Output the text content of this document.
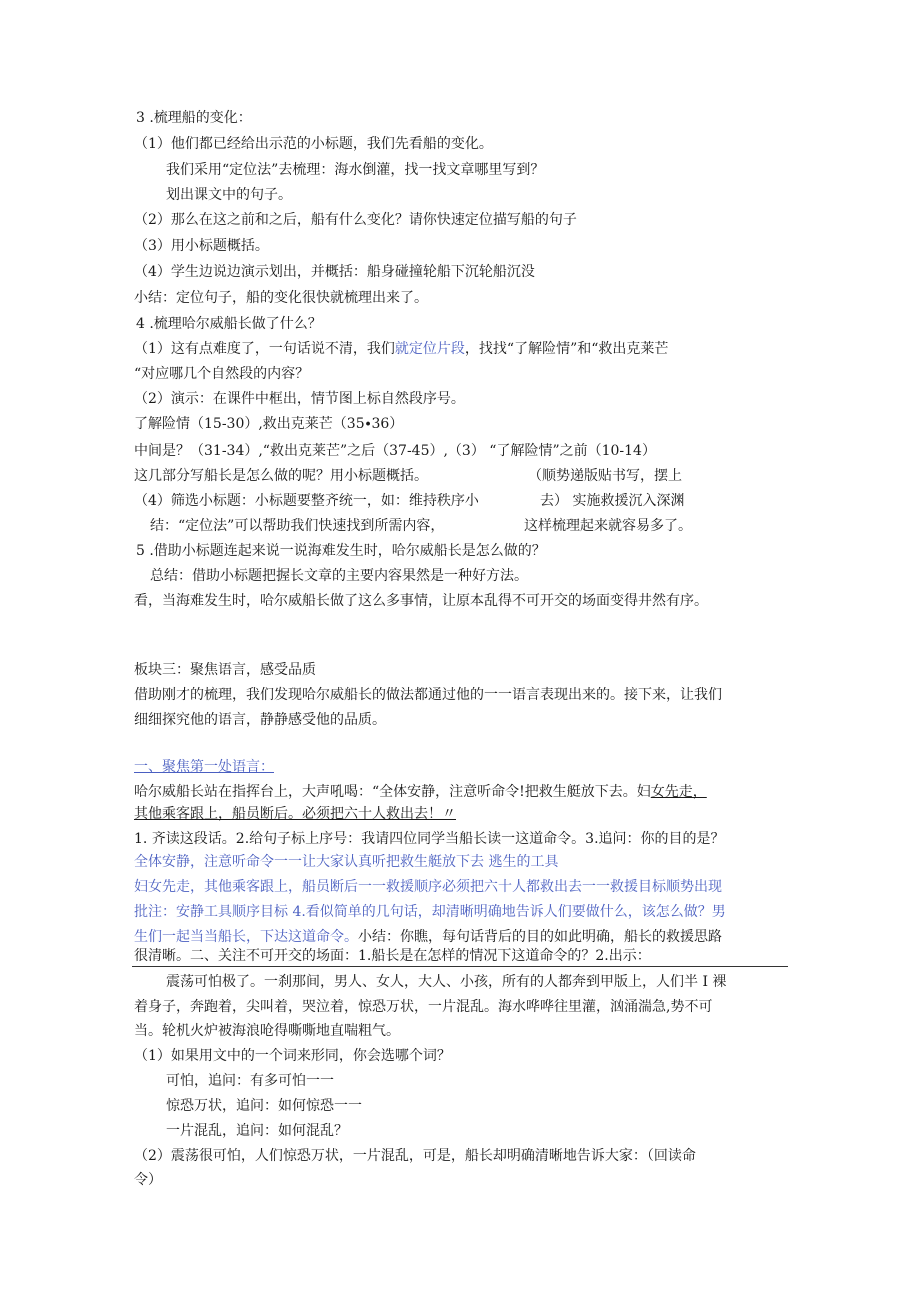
3 .梳理船的变化：
（1）他们都已经给出示范的小标题，我们先看船的变化。
我们采用“定位法”去梳理：海水倒灌，找一找文章哪里写到？
划出课文中的句子。
（2）那么在这之前和之后，船有什么变化？请你快速定位描写船的句子
（3）用小标题概括。
（4）学生边说边演示划出，并概括：船身碰撞轮船下沉轮船沉没
小结：定位句子，船的变化很快就梳理出来了。
4 .梳理哈尔威船长做了什么？
（1）这有点难度了，一句话说不清，我们就定位片段，找找“了解险情”和“救出克莱芒
“对应哪几个自然段的内容？
（2）演示：在课件中框出，情节图上标自然段序号。
了解险情（15-30）,救出克莱芒（35∙36）
中间是？（31-34）,“救出克莱芒”之后（37-45）,（3） “了解险情”之前（10-14）
这几部分写船长是怎么做的呢？用小标题概括。	（顺势递版贴书写，摆上
（4）筛选小标题：小标题要整齐统一，如：维持秩序小	去） 实施救援沉入深渊
结：“定位法”可以帮助我们快速找到所需内容，	这样梳理起来就容易多了。
5 .借助小标题连起来说一说海难发生时，哈尔威船长是怎么做的？
总结：借助小标题把握长文章的主要内容果然是一种好方法。
看，当海难发生时，哈尔威船长做了这么多事情，让原本乱得不可开交的场面变得井然有序。
板块三：聚焦语言，感受品质
借助刚才的梳理，我们发现哈尔威船长的做法都通过他的一一语言表现出来的。接下来，让我们
细细探究他的语言，静静感受他的品质。
一、聚焦第一处语言：
哈尔威船长站在指挥台上，大声吼喝：“全体安静，注意听命令!把救生艇放下去。妇女先走，
其他乘客跟上，船员断后。必须把六十人救出去！〃
1. 齐读这段话。2.给句子标上序号：我请四位同学当船长读一这道命令。3.追问：你的目的是？
全体安静，注意听命令一一让大家认真听把救生艇放下去 逃生的工具
妇女先走，其他乘客跟上，船员断后一一救援顺序必须把六十人都救出去一一救援目标顺势出现
批注：安静工具顺序目标 4.看似简单的几句话，却清晰明确地告诉人们要做什么，该怎么做？男
生们一起当当船长，下达这道命令。小结：你瞧，每句话背后的目的如此明确，船长的救援思路
很清晰。二、关注不可开交的场面：1.船长是在怎样的情况下这道命令的？2.出示：
震荡可怕极了。一刹那间，男人、女人，大人、小孩，所有的人都奔到甲版上，人们半 I 裸
着身子，奔跑着，尖叫着，哭泣着，惊恐万状，一片混乱。海水哗哗往里灌，汹涌湍急,势不可
当。轮机火炉被海浪呛得嘶嘶地直喘粗气。
（1）如果用文中的一个词来形同，你会选哪个词？
可怕，追问：有多可怕一一
惊恐万状，追问：如何惊恐一一
一片混乱，追问：如何混乱？
（2）震荡很可怕，人们惊恐万状，一片混乱，可是，船长却明确清晰地告诉大家：（回读命
令）
